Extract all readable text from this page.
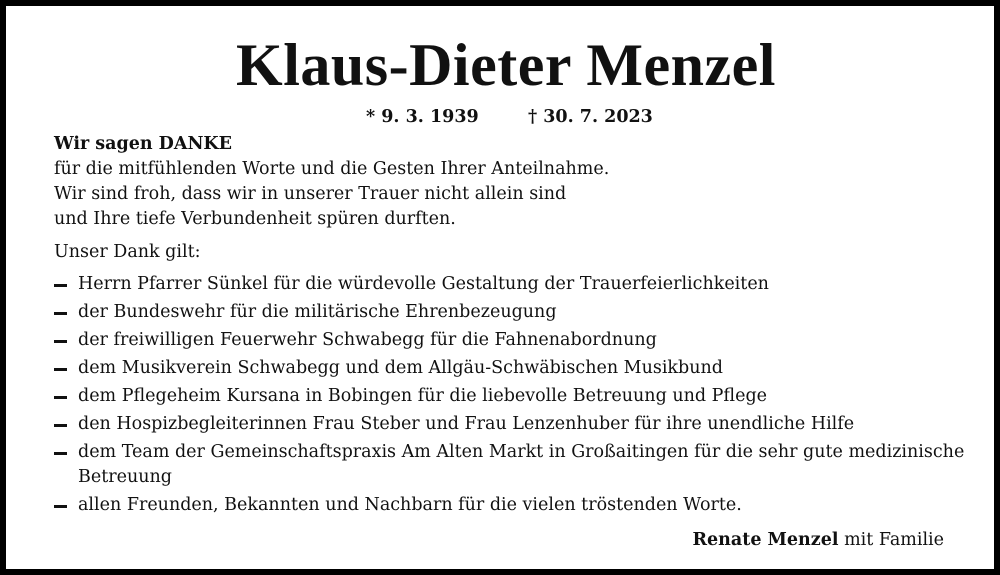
Klaus-Dieter Menzel
* 9. 3. 1939	† 30. 7. 2023
Wir sagen DANKE
für die mitfühlenden Worte und die Gesten Ihrer Anteilnahme.
Wir sind froh, dass wir in unserer Trauer nicht allein sind
und Ihre tiefe Verbundenheit spüren durften.
Unser Dank gilt:
Herrn Pfarrer Sünkel für die würdevolle Gestaltung der Trauerfeierlichkeiten
der Bundeswehr für die militärische Ehrenbezeugung
der freiwilligen Feuerwehr Schwabegg für die Fahnenabordnung
dem Musikverein Schwabegg und dem Allgäu-Schwäbischen Musikbund
dem Pflegeheim Kursana in Bobingen für die liebevolle Betreuung und Pflege
den Hospizbegleiterinnen Frau Steber und Frau Lenzenhuber für ihre unendliche Hilfe
dem Team der Gemeinschaftspraxis Am Alten Markt in Großaitingen für die sehr gute medizinische Betreuung
allen Freunden, Bekannten und Nachbarn für die vielen tröstenden Worte.
Renate Menzel mit Familie
